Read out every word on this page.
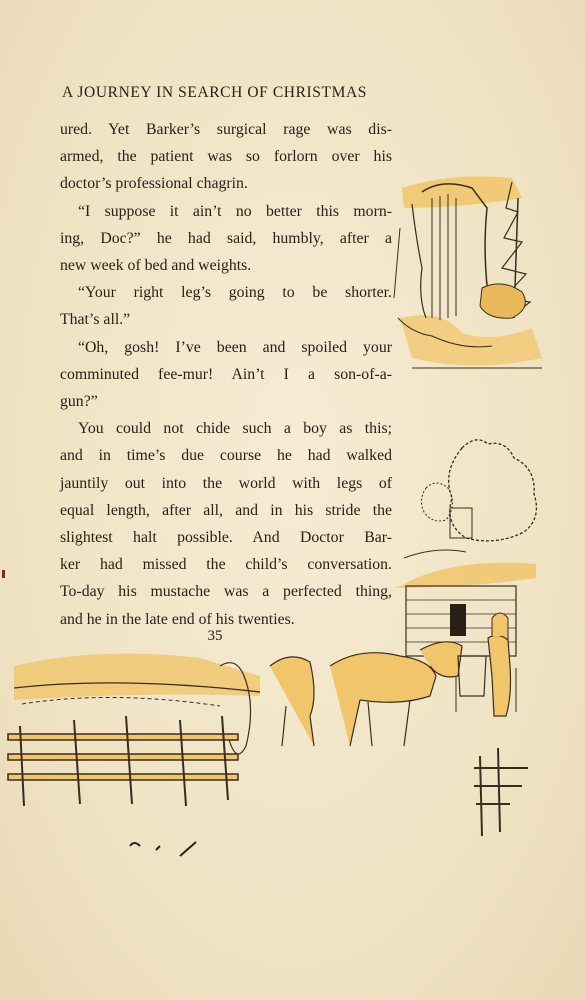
A JOURNEY IN SEARCH OF CHRISTMAS
ured. Yet Barker’s surgical rage was dis-
armed, the patient was so forlorn over his
doctor’s professional chagrin.
“I suppose it ain’t no better this morn-
ing, Doc?” he had said, humbly, after a
new week of bed and weights.
“Your right leg’s going to be shorter.
That’s all.”
“Oh, gosh! I’ve been and spoiled your
comminuted fee-mur! Ain’t I a son-of-a-
gun?”
You could not chide such a boy as this;
and in time’s due course he had walked
jauntily out into the world with legs of
equal length, after all, and in his stride the
slightest halt possible. And Doctor Bar-
ker had missed the child’s conversation.
To-day his mustache was a perfected thing,
and he in the late end of his twenties.
35
